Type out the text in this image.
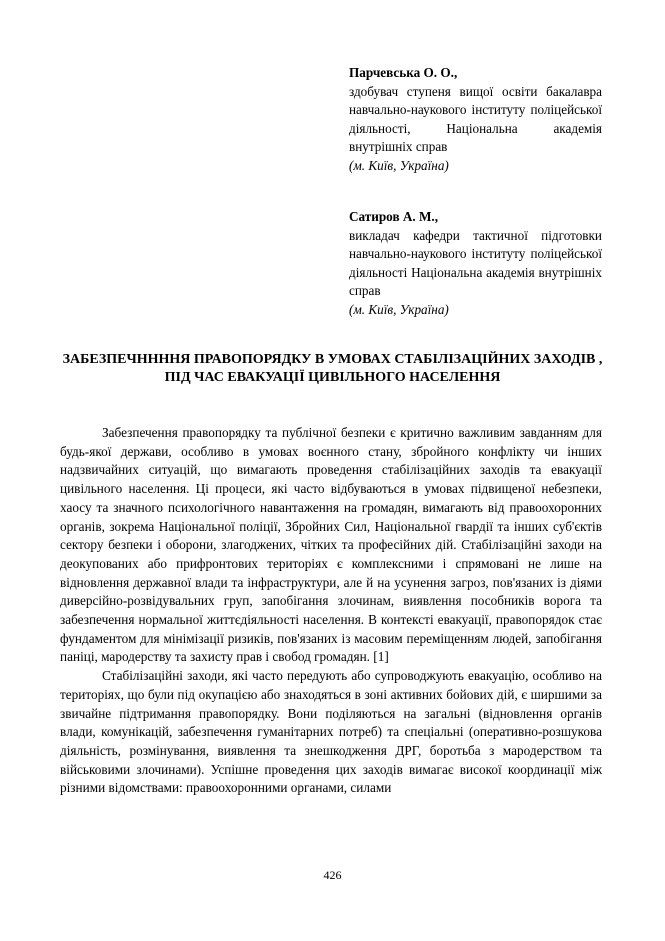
Парчевська О. О.,
здобувач ступеня вищої освіти бакалавра навчально-наукового інституту поліцейської діяльності, Національна академія внутрішніх справ
(м. Київ, Україна)
Сатиров А. М.,
викладач кафедри тактичної підготовки навчально-наукового інституту поліцейської діяльності Національна академія внутрішніх справ
(м. Київ, Україна)
ЗАБЕЗПЕЧННННЯ ПРАВОПОРЯДКУ В УМОВАХ СТАБІЛІЗАЦІЙНИХ ЗАХОДІВ , ПІД ЧАС ЕВАКУАЦІЇ ЦИВІЛЬНОГО НАСЕЛЕННЯ

Забезпечення правопорядку та публічної безпеки є критично важливим завданням для будь-якої держави, особливо в умовах воєнного стану, збройного конфлікту чи інших надзвичайних ситуацій, що вимагають проведення стабілізаційних заходів та евакуації цивільного населення. Ці процеси, які часто відбуваються в умовах підвищеної небезпеки, хаосу та значного психологічного навантаження на громадян, вимагають від правоохоронних органів, зокрема Національної поліції, Збройних Сил, Національної гвардії та інших суб'єктів сектору безпеки і оборони, злагоджених, чітких та професійних дій. Стабілізаційні заходи на деокупованих або прифронтових територіях є комплексними і спрямовані не лише на відновлення державної влади та інфраструктури, але й на усунення загроз, пов'язаних із діями диверсійно-розвідувальних груп, запобігання злочинам, виявлення пособників ворога та забезпечення нормальної життєдіяльності населення. В контексті евакуації, правопорядок стає фундаментом для мінімізації ризиків, пов'язаних із масовим переміщенням людей, запобігання паніці, мародерству та захисту прав і свобод громадян. [1]

Стабілізаційні заходи, які часто передують або супроводжують евакуацію, особливо на територіях, що були під окупацією або знаходяться в зоні активних бойових дій, є ширшими за звичайне підтримання правопорядку. Вони поділяються на загальні (відновлення органів влади, комунікацій, забезпечення гуманітарних потреб) та спеціальні (оперативно-розшукова діяльність, розмінування, виявлення та знешкодження ДРГ, боротьба з мародерством та військовими злочинами). Успішне проведення цих заходів вимагає високої координації між різними відомствами: правоохоронними органами, силами

426
